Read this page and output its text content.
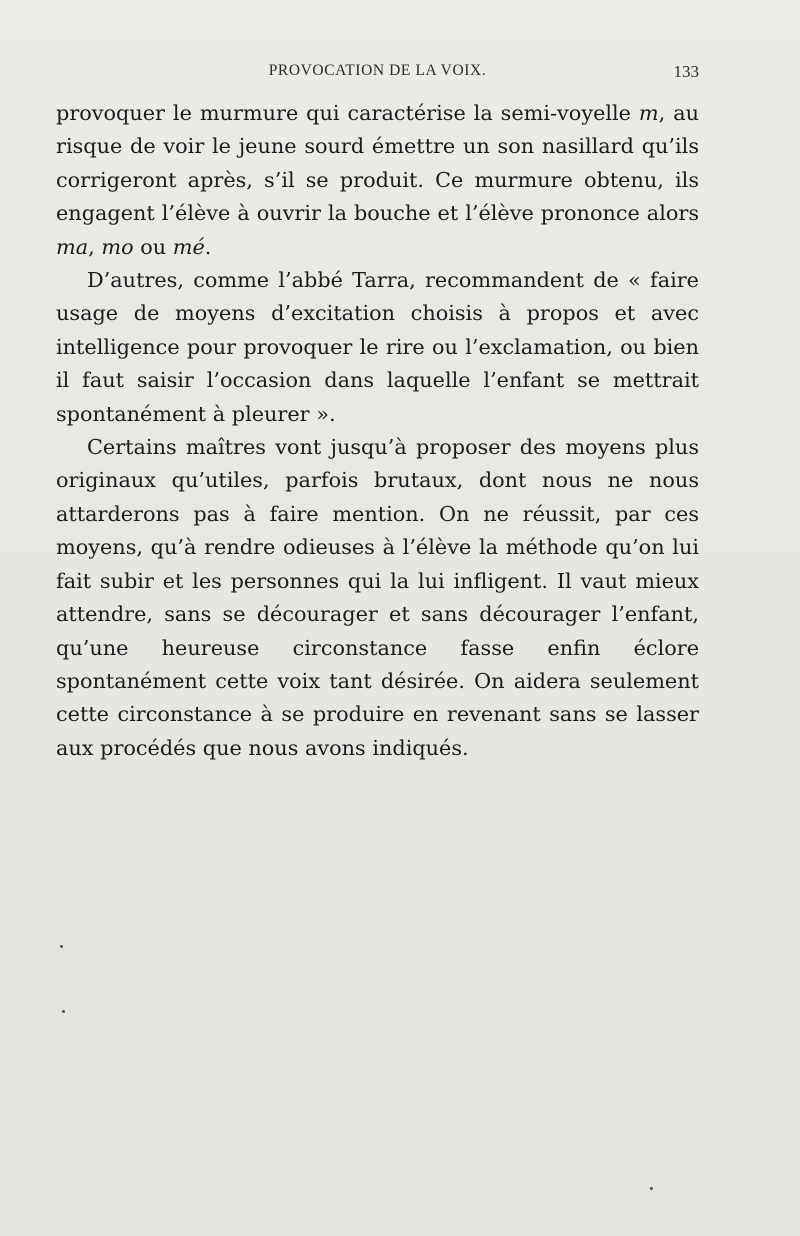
PROVOCATION DE LA VOIX.	133

provoquer le murmure qui caractérise la semi-voyelle m, au risque de voir le jeune sourd émettre un son nasillard qu’ils corrigeront après, s’il se produit. Ce murmure obtenu, ils engagent l’élève à ouvrir la bouche et l’élève prononce alors ma, mo ou mé.

D’autres, comme l’abbé Tarra, recommandent de « faire usage de moyens d’excitation choisis à propos et avec intelligence pour provoquer le rire ou l’exclamation, ou bien il faut saisir l’occasion dans laquelle l’enfant se mettrait spontanément à pleurer ».

Certains maîtres vont jusqu’à proposer des moyens plus originaux qu’utiles, parfois brutaux, dont nous ne nous attarderons pas à faire mention. On ne réussit, par ces moyens, qu’à rendre odieuses à l’élève la méthode qu’on lui fait subir et les personnes qui la lui infligent. Il vaut mieux attendre, sans se décourager et sans décourager l’enfant, qu’une heureuse circonstance fasse enfin éclore spontanément cette voix tant désirée. On aidera seulement cette circonstance à se produire en revenant sans se lasser aux procédés que nous avons indiqués.
